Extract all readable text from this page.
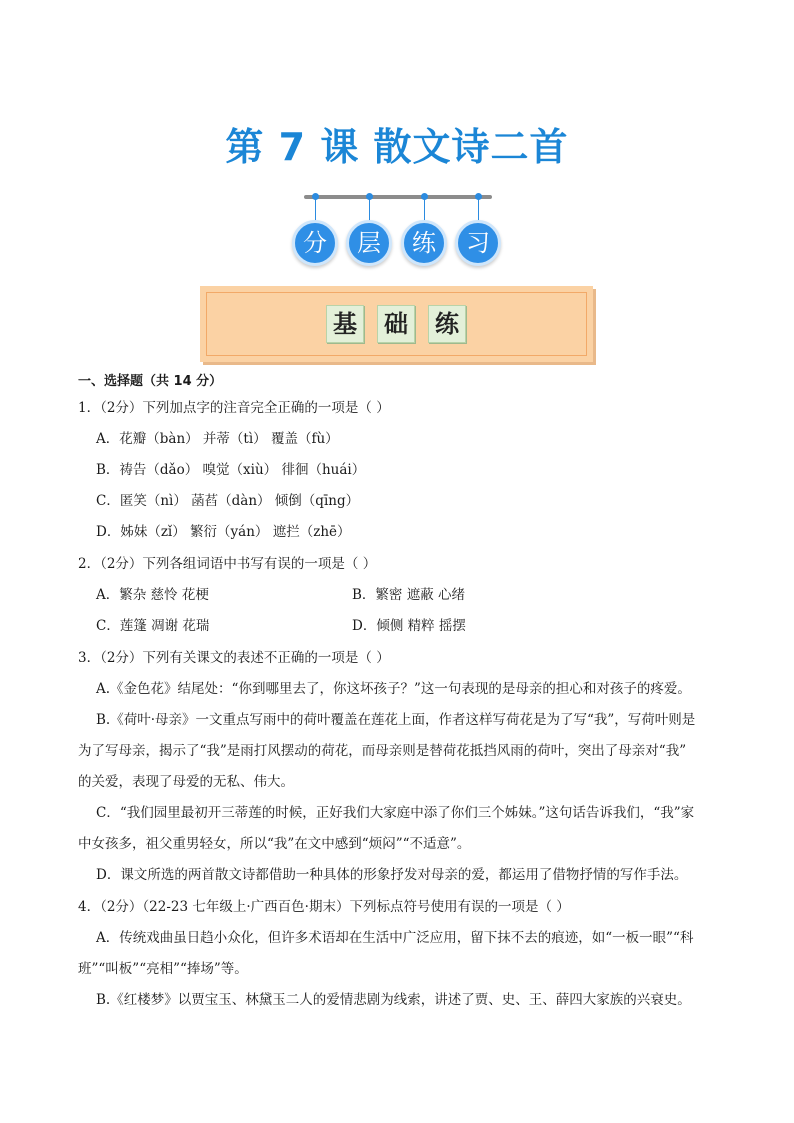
第 7 课 散文诗二首
分	层	练	习
基 础 练
一、选择题（共 14 分）
1．（2分）下列加点字的注音完全正确的一项是（ ）
A．花瓣（bàn） 并蒂（tì） 覆盖（fù）
B．祷告（dǎo） 嗅觉（xiù） 徘徊（huái）
C．匿笑（nì） 菡萏（dàn） 倾倒（qīng）
D．姊妹（zǐ） 繁衍（yán） 遮拦（zhē）
2．（2分）下列各组词语中书写有误的一项是（ ）
A．繁杂 慈怜 花梗	B．繁密 遮蔽 心绪
C．莲篷 凋谢 花瑞	D．倾侧 精粹 摇摆
3．（2分）下列有关课文的表述不正确的一项是（ ）
A.《金色花》结尾处：“你到哪里去了，你这坏孩子？”这一句表现的是母亲的担心和对孩子的疼爱。
B.《荷叶·母亲》一文重点写雨中的荷叶覆盖在莲花上面，作者这样写荷花是为了写“我”，写荷叶则是
为了写母亲，揭示了“我”是雨打风摆动的荷花，而母亲则是替荷花抵挡风雨的荷叶，突出了母亲对“我”
的关爱，表现了母爱的无私、伟大。
C．“我们园里最初开三蒂莲的时候，正好我们大家庭中添了你们三个姊妹。”这句话告诉我们，“我”家
中女孩多，祖父重男轻女，所以“我”在文中感到“烦闷”“不适意”。
D．课文所选的两首散文诗都借助一种具体的形象抒发对母亲的爱，都运用了借物抒情的写作手法。
4．（2分）（22-23 七年级上·广西百色·期末）下列标点符号使用有误的一项是（ ）
A．传统戏曲虽日趋小众化，但许多术语却在生活中广泛应用，留下抹不去的痕迹，如“一板一眼”“科
班”“叫板”“亮相”“捧场”等。
B.《红楼梦》以贾宝玉、林黛玉二人的爱情悲剧为线索，讲述了贾、史、王、薛四大家族的兴衰史。
